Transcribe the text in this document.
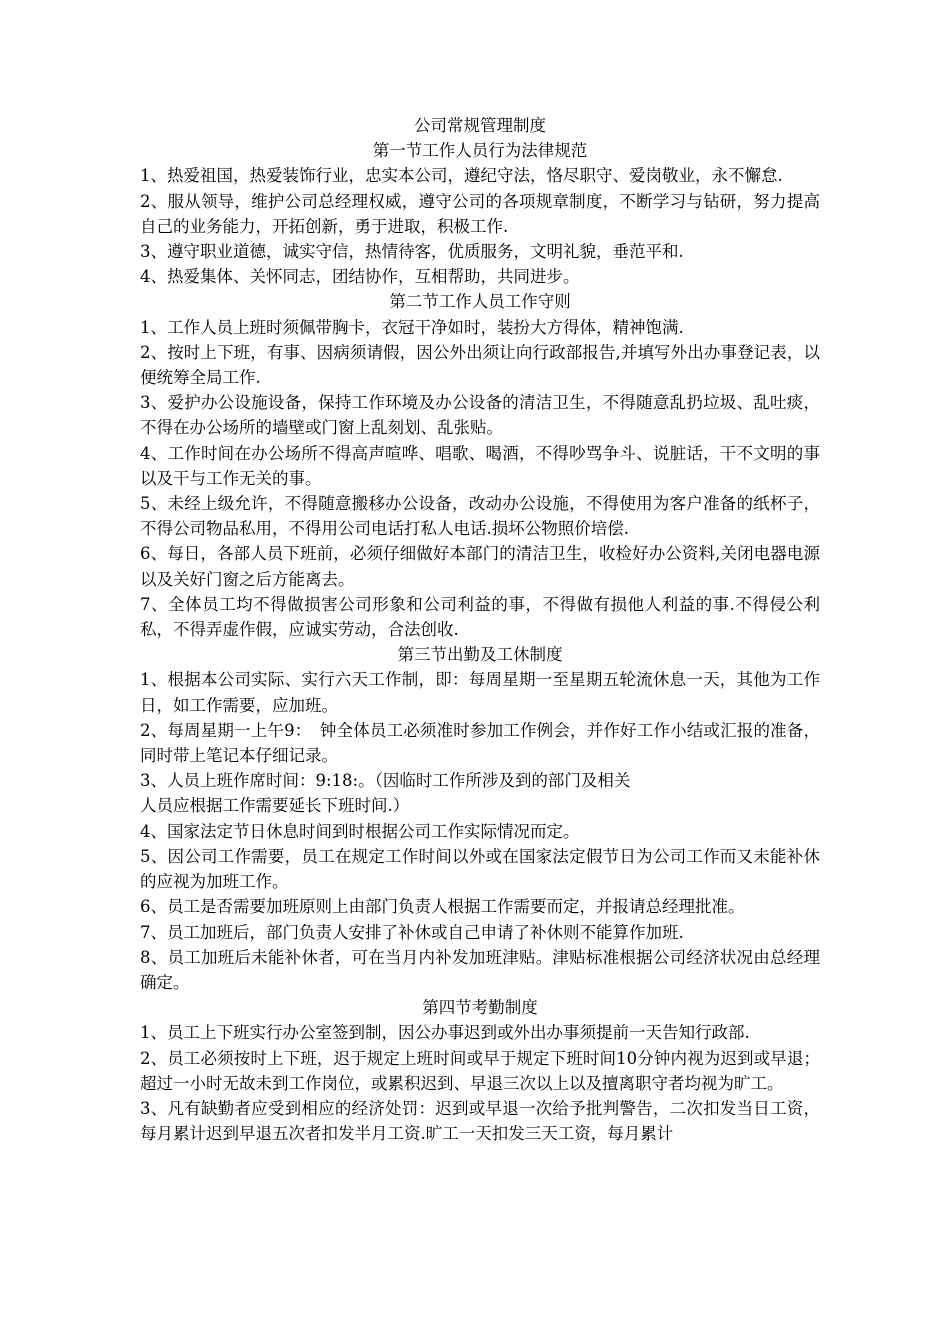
公司常规管理制度
第一节工作人员行为法律规范

1、热爱祖国，热爱装饰行业，忠实本公司，遵纪守法，恪尽职守、爱岗敬业，永不懈怠.

2、服从领导，维护公司总经理权威，遵守公司的各项规章制度，不断学习与钻研，努力提高自己的业务能力，开拓创新，勇于进取，积极工作.

3、遵守职业道德，诚实守信，热情待客，优质服务，文明礼貌，垂范平和.

4、热爱集体、关怀同志，团结协作，互相帮助，共同进步。

第二节工作人员工作守则

1、工作人员上班时须佩带胸卡，衣冠干净如时，装扮大方得体，精神饱满.

2、按时上下班，有事、因病须请假，因公外出须让向行政部报告,并填写外出办事登记表，以便统筹全局工作.

3、爱护办公设施设备，保持工作环境及办公设备的清洁卫生，不得随意乱扔垃圾、乱吐痰，不得在办公场所的墙壁或门窗上乱刻划、乱张贴。

4、工作时间在办公场所不得高声喧哗、唱歌、喝酒，不得吵骂争斗、说脏话，干不文明的事以及干与工作无关的事。

5、未经上级允许，不得随意搬移办公设备，改动办公设施，不得使用为客户准备的纸杯子，不得公司物品私用，不得用公司电话打私人电话.损坏公物照价培偿.

6、每日，各部人员下班前，必须仔细做好本部门的清洁卫生，收检好办公资料,关闭电器电源以及关好门窗之后方能离去。

7、全体员工均不得做损害公司形象和公司利益的事，不得做有损他人利益的事.不得侵公利私，不得弄虚作假，应诚实劳动，合法创收.

第三节出勤及工休制度

1、根据本公司实际、实行六天工作制，即：每周星期一至星期五轮流休息一天，其他为工作日，如工作需要，应加班。

2、每周星期一上午9：　钟全体员工必须准时参加工作例会，并作好工作小结或汇报的准备，同时带上笔记本仔细记录。

3、人员上班作席时间：9:18:。（因临时工作所涉及到的部门及相关

人员应根据工作需要延长下班时间.）

4、国家法定节日休息时间到时根据公司工作实际情况而定。

5、因公司工作需要，员工在规定工作时间以外或在国家法定假节日为公司工作而又未能补休的应视为加班工作。

6、员工是否需要加班原则上由部门负责人根据工作需要而定，并报请总经理批准。

7、员工加班后，部门负责人安排了补休或自己申请了补休则不能算作加班.

8、员工加班后未能补休者，可在当月内补发加班津贴。津贴标准根据公司经济状况由总经理确定。

第四节考勤制度

1、员工上下班实行办公室签到制，因公办事迟到或外出办事须提前一天告知行政部.

2、员工必须按时上下班，迟于规定上班时间或早于规定下班时间10分钟内视为迟到或早退；超过一小时无故未到工作岗位，或累积迟到、早退三次以上以及擅离职守者均视为旷工。

3、凡有缺勤者应受到相应的经济处罚：迟到或早退一次给予批判警告，二次扣发当日工资，每月累计迟到早退五次者扣发半月工资.旷工一天扣发三天工资，每月累计
